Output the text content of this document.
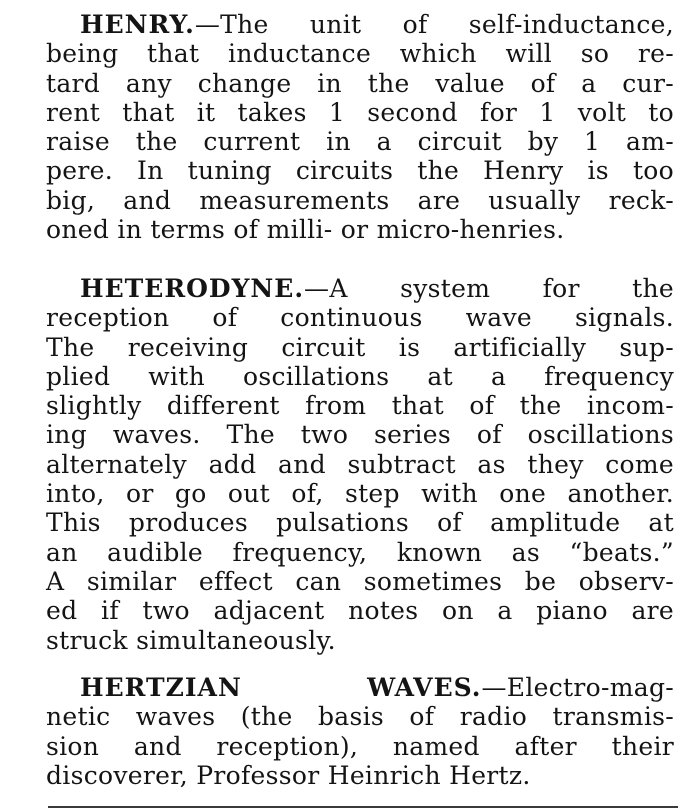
HENRY.—The unit of self-inductance,
being that inductance which will so re-
tard any change in the value of a cur-
rent that it takes 1 second for 1 volt to
raise the current in a circuit by 1 am-
pere. In tuning circuits the Henry is too
big, and measurements are usually reck-
oned in terms of milli- or micro-henries.
HETERODYNE.—A system for the
reception of continuous wave signals.
The receiving circuit is artificially sup-
plied with oscillations at a frequency
slightly different from that of the incom-
ing waves. The two series of oscillations
alternately add and subtract as they come
into, or go out of, step with one another.
This produces pulsations of amplitude at
an audible frequency, known as “beats.”
A similar effect can sometimes be observ-
ed if two adjacent notes on a piano are
struck simultaneously.
HERTZIAN WAVES.—Electro-mag-
netic waves (the basis of radio transmis-
sion and reception), named after their
discoverer, Professor Heinrich Hertz.
